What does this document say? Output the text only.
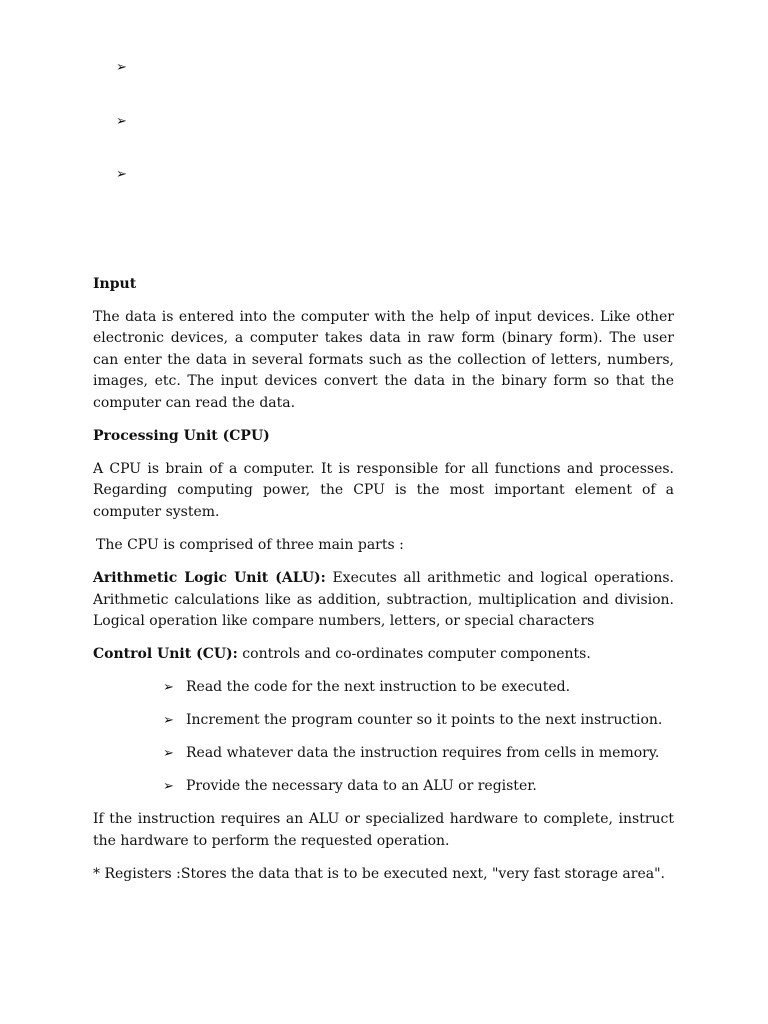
➢
➢
➢

Input

The data is entered into the computer with the help of input devices. Like other electronic devices, a computer takes data in raw form (binary form). The user can enter the data in several formats such as the collection of letters, numbers, images, etc. The input devices convert the data in the binary form so that the computer can read the data.

Processing Unit (CPU)

A CPU is brain of a computer. It is responsible for all functions and processes. Regarding computing power, the CPU is the most important element of a computer system.

The CPU is comprised of three main parts :

Arithmetic Logic Unit (ALU): Executes all arithmetic and logical operations. Arithmetic calculations like as addition, subtraction, multiplication and division. Logical operation like compare numbers, letters, or special characters

Control Unit (CU): controls and co-ordinates computer components.

➢ Read the code for the next instruction to be executed.
➢ Increment the program counter so it points to the next instruction.
➢ Read whatever data the instruction requires from cells in memory.
➢ Provide the necessary data to an ALU or register.

If the instruction requires an ALU or specialized hardware to complete, instruct the hardware to perform the requested operation.

* Registers :Stores the data that is to be executed next, "very fast storage area".
